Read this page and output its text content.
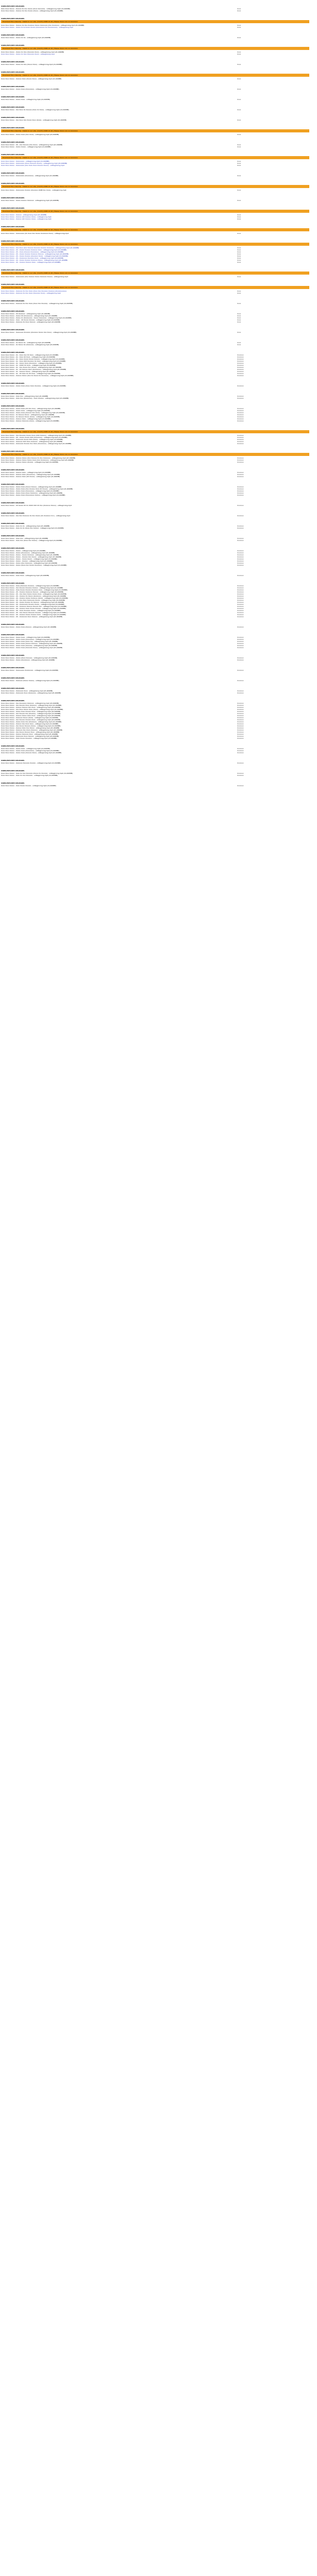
VIDEO/MP4/MP3 RELEASES
Xzxx Xxxx Xxxxx - Xxxxxx Xx Xxx Xxxxx (Xxxx Xxxxxxx) - vidbeginning.mp4 (21,000MB)	Xxxx
Xxxx Xxxx Xxxxx - Xxxxxx Xx Xxx Xxxxx (Xxxx) - vidbeginning.mp4 (21,000MB)	Xxxx
VIDEO/MP4/MP3 RELEASES
Download this videoclip - Install on our site, (month) 2008-12-16 | Please Xxxxx xxx xx xxxxxxxx
Xxxx Xxxx Xxxxx - Xxxxxx Xx Xxx Xxxxxxx Xxxxx Xxxxxxxx (Xxx Xxxxxxx) - vidbeginning.mp4 (21,000MB)	Xxxx
Xxxx Xxxx Xxxxx - Xxxxx Xx & Xxxxx Xxxxx (Xxxxxxxxx Xx Xxxxxxxxxx) - vidbeginning.mp4	Xxxx
VIDEO/MP4/MP3 RELEASES
Xxxx Xxxx Xxxxx - Xxxxx Xx Xx - vidbeginning.mp4 (21,000MB)	Xxxx
VIDEO/MP4/MP3 RELEASES
Download this videoclip - Install on our site, (month) 2008-12-16 | Please Xxxxx xxx xx xxxxxxxx
Xxxx Xxxx Xxxxx - Xxxxx Xx Xxx (Xxxxxxx Xxxx) - vidbeginning.mp4 (21,000MB)	Xxxx
Xxxx Xxxx Xxxxx - Xxxxx Xx Xxx (Xxxxxxx Xxxx) - vidbeginning.mp4	Xxxx
VIDEO/MP4/MP3 RELEASES
Xxxx Xxxx Xxxxx - Xxxxx Xx Xxx (Xxxxx Xxxx) - vidbeginning.mp4 (21,000MB)	Xxxx
VIDEO/MP4/MP3 RELEASES
Download this videoclip - Install on our site, (month) 2008-12-16 | Please Xxxxx xxx xx xxxxxxxx
Xxxx Xxxx Xxxxx - Xxxxxx Xxxx (Xxxxx Xxxx) - vidbeginning.mp4 (21,000MB)	Xxxx
VIDEO/MP4/MP3 RELEASES
Xxxx Xxxx Xxxxx - Xxxxx Xxxx (Xxxxxxxx) - vidbeginning.mp4 (21,000MB)	Xxxx
VIDEO/MP4/MP3 RELEASES
Xxxx Xxxx Xxxxx - Xxxxx Xxxx - vidbeginning.mp4 (21,000MB)	Xxxx
VIDEO/MP4/MP3 RELEASES
Xxxx Xxxx Xxxxx - Xxx Xxxx Xx Xxxxxx (Xxxx Xx Xxxx) - vidbeginning.mp4 (21,000MB)	Xxxx
VIDEO/MP4/MP3 RELEASES
Xxxx Xxxx Xxxxx - Xxx Xxxx Xxx Xxxxx Xxxx (Xxxx) - vidbeginning.mp4 (21,000MB)	Xxxx
VIDEO/MP4/MP3 RELEASES
Download this videoclip - Install on our site, (month) 2008-12-16 | Please Xxxxx xxx xx xxxxxxxx
Xxxx Xxxx Xxxxx - Xxxxx Xxxx (Xxx Xxxx) - vidbeginning.mp4 (21,000MB)	Xxxx
VIDEO/MP4/MP3 RELEASES
Xxxx Xxxx Xxxxx - XX - Xxx Xxxxxx (Xxx Xxxx) - vidbeginning.mp4 (21,000MB)	Xxxx
Xxxx Xxxx Xxxxx - Xxxxx Xxxxx - vidbeginning.mp4 (21,000MB)	Xxxx
VIDEO/MP4/MP3 RELEASES
Download this videoclip - Install on our site, (month) 2008-12-16 | Please Xxxxx xxx xx xxxxxxxx
Xxxx Xxxx Xxxxx - Xxxxxxxxx - vidbeginning.mp4 (21,000MB)	Xxxx
Xxxx Xxxx Xxxxx - Xxxxxxxxx (Xxxx Xxxxxxx Xxxxx) - vidbeginning.mp4 (21,000MB)	Xxxx
Xxxx Xxxx Xxxxx - Xxxxxxxxx (Xxx Xxxx Xxxx Xxxxxx Xxxxx) - vidbeginning.mp4	Xxxx
VIDEO/MP4/MP3 RELEASES
Xxxx Xxxx Xxxxx - Xxxxxxxxx (Xxxxxxxx) - vidbeginning.mp4 (21,000MB)	Xxxx
VIDEO/MP4/MP3 RELEASES
Download this videoclip - Install on our site, (month) 2008-12-16 | Please Xxxxx xxx xx xxxxxxxx
Xxxx Xxxx Xxxxx - Xxxxxxxxx Xxxxxx (Xxxxxxx 2008 Xxx Xxxx) - vidbeginning.mp4	Xxxx
VIDEO/MP4/MP3 RELEASES
Xxxx Xxxx Xxxxx - Xxxxx Xxxxxx Xxxxxxx - vidbeginning.mp4 (21,000MB)	Xxxx
VIDEO/MP4/MP3 RELEASES
Download this videoclip - Install on our site, (month) 2008-12-16 | Please Xxxxx xxx xx xxxxxxxx
Xxxx Xxxx Xxxxx - Xxxxxx - vidbeginning.mp4 (21,000MB)	Xxxx
Xxxx Xxxx Xxxxx - Xxxxxx (XX Xxxxxx Xxxx) - vidbeginning.mp4	Xxxx
Xxxx Xxxx Xxxxx - Xxxxxx (XX Xxxxxx Xxxx) - vidbeginning.mp4	Xxxx
VIDEO/MP4/MP3 RELEASES
Download this videoclip - Install on our site, (month) 2008-12-16 | Please Xxxxx xxx xx xxxxxxxx
Xxxx Xxxx Xxxxx - Xxxxxxxxx (Xx Xxxx Xxx Xxxxx Xxxxxxxx Xxxx) - vidbeginning.mp4	Xxxx
VIDEO/MP4/MP3 RELEASES
Download this videoclip - Install on our site, (month) 2008-12-16 | Please Xxxxx xxx xx xxxxxxxx
Xxxx Xxxx Xxxxx - Xxx Xxxx (Xxx Xxxxxx Xxxxxxx Xxxxxx Xxxxxxx) - vidbeginning.mp4 (21,000MB)	Xxxx
Xxxx Xxxx Xxxxx - XX - Xxxxx Xxxxxx Xxxxxxx Xxxx - vidbeginning.mp4 (21,000MB)	Xxxx
Xxxx Xxxx Xxxxx - XX - Xxxx (Xxxxxx Xxxxxxxx) - vidbeginning.mp4 (21,000MB)	Xxxx
Xxxx Xxxx Xxxxx - XX - Xxxxx Xxxxxx Xxxxxxx Xxxxxx - vidbeginning.mp4 (21,000MB)	Xxxx
Xxxx Xxxx Xxxxx - XX - Xxxxx Xxxxxx (Xxxxxxx Xxxx) - vidbeginning.mp4 (21,000MB)	Xxxx
Xxxx Xxxx Xxxxx - XX - Xxxxxxxx Xxxxxxx Xxxx - vidbeginning.mp4 (21,000MB)	Xxxx
Xxxx Xxxx Xxxxx - XX - Xxxxx Xxxxxx Xxxxxxx Xxxxx - vidbeginning.mp4 (21,000MB)	Xxxx
Xxxx Xxxx Xxxxx - XX - Xxxxxx Xxxxxx Xxxx - vidbeginning.mp4 (21,000MB)	Xxxx
VIDEO/MP4/MP3 RELEASES
Download this videoclip - Install on our site, (month) 2008-12-16 | Please Xxxxx xxx xx xxxxxxxx
Xxxx Xxxx Xxxxx - Xxxxxxxxx (Xxx Xxxxxx Xxxxx Xxxxxxx Xxxxx) - vidbeginning.mp4	Xxxx
VIDEO/MP4/MP3 RELEASES
Download this videoclip - Install on our site, (month) 2008-12-16 | Please Xxxxx xxx xx xxxxxxxx
Xxxx Xxxx Xxxxx - Xxxxxxx Xx Xxx Xxxx (Xxxx Xxx Xxxxxxx Xxxxxx) (Xxxxxxxxxxx)	Xxxx
Xxxx Xxxx Xxxxx - Xxxxxxx Xx Xxx Xxxx (Xxxxxxx Xxxx) - vidbeginning.mp4	Xxxx
VIDEO/MP4/MP3 RELEASES
Xxxx Xxxx Xxxxx - Xxxxxxx Xx Xxx Xxxx (Xxxx Xxx Xxxxxx) - vidbeginning.mp4 (21,000MB)	Xxxx
VIDEO/MP4/MP3 RELEASES
Xxxx Xxxx Xxxxx - XX Xxxxxxx - vidbeginning.mp4 (21,000MB)	Xxxx
Xxxx Xxxx Xxxxx - Xxxxx XX (Xxxxxxxx) - vidbeginning.mp4 (21,000MB)	Xxxx
Xxxx Xxxx Xxxxx - Xxxxx Xx (Xxxxxxxx) - Xxxxx Xxxxxxxx - vidbeginning.mp4 (21,000MB)	Xxxx
Xxxx Xxxx Xxxxx - Xxxx - XX Xxxxx Xxxxxx - vidbeginning.mp4 (21,000MB)	Xxxx
Xxxx Xxxx Xxxxx - Xxxxxxx Xx Xxxx Xxxxxx - vidbeginning.mp4 (21,000MB)	Xxxx
VIDEO/MP4/MP3 RELEASES
Xxxx Xxxx Xxxxx - Xxxxxxxx Xxxxxxx (Xxxxxxx Xxxxx Xxx Xxxx) - vidbeginning.mp4 (21,000MB)	Xxxx
VIDEO/MP4/MP3 RELEASES
Xxxx Xxxx Xxxxx - Xx Xxxxx Xx - vidbeginning.mp4 (21,000MB)	Xxxx
Xxxx Xxxx Xxxxx - Xx Xxxxx Xx (Xxxxxxx) - vidbeginning.mp4 (21,000MB)	Xxxx
VIDEO/MP4/MP3 RELEASES
Xxxx Xxxx Xxxxx - Xx - Xxxx Xxx XX Xxxx - vidbeginning.mp4 (21,000MB)	Xxxxxxx
Xxxx Xxxx Xxxxx - Xx - Xxxx XX Xxxx - vidbeginning.mp4 (21,000MB)	Xxxxxxx
Xxxx Xxxx Xxxxx - Xx - Xxxx Xxxxx Xxxxx Xxxxxx - vidbeginning.mp4 (21,000MB)	Xxxxxxx
Xxxx Xxxx Xxxxx - Xx - Xxxx XXX Xxxxxxx Xx Xxxx - vidbeginning.mp4 (21,000MB)	Xxxxxxx
Xxxx Xxxx Xxxxx - Xx - Xxxxx Xxxx (Xxxxxxx) - vidbeginning.mp4 (21,000MB)	Xxxxxxx
Xxxx Xxxx Xxxxx - Xx - XXXX XX Xxxx - vidbeginning.mp4 (21,000MB)	Xxxxxxx
Xxxx Xxxx Xxxxx - Xx - Xxx Xxxxx Xxx (Xxxx) - vidbeginning.mp4 (21,000MB)	Xxxxxxx
Xxxx Xxxx Xxxxx - Xx - XX Xxxxxx Xxxx (Xxxxxxxx) - vidbeginning.mp4 (21,000MB)	Xxxxxxx
Xxxx Xxxx Xxxxx - Xx - Xxxxxx Xxxxx - vidbeginning.mp4 (21,000MB)	Xxxxxxx
Xxxx Xxxx Xxxxx - Xx - XX Xxxx Xx XX Xxxx - vidbeginning.mp4 (21,000MB)	Xxxxxxx
Xxxx Xxxx Xxxxx - Xxxxxx Xxxxx (Xxx Xx Xxxxx Xx Xxxxxxx) - vidbeginning.mp4 (21,000MB)	Xxxxxxx
VIDEO/MP4/MP3 RELEASES
Xxxx Xxxx Xxxxx - Xxxxx Xxxx (Xxxx Xxxx Xxxxxx) - vidbeginning.mp4 (21,000MB)	Xxxxxxx
VIDEO/MP4/MP3 RELEASES
Xxxx Xxxx Xxxxx - Xxxx Xxx - vidbeginning.mp4 (21,000MB)	Xxxxxxx
Xxxx Xxxx Xxxxx - Xxxx Xxx (Xxxxxxxx) - Xxxx Xxxxxx - vidbeginning.mp4 (21,000MB)	Xxxxxxx
VIDEO/MP4/MP3 RELEASES
Xxxx Xxxx Xxxxx - Xxxxx Xxxx (XX Xxx Xxx) - vidbeginning.mp4 (21,000MB)	Xxxxxxx
Xxxx Xxxx Xxxxx - Xxxxx Xxxx - vidbeginning.mp4 (21,000MB)	Xxxxxxx
Xxxx Xxxx Xxxxx - Xxxxx Xxxx (Xxxxxx Xxx Xxxx) - vidbeginning.mp4 (21,000MB)	Xxxxxxx
Xxxx Xxxx Xxxxx - Xx Xxxxxx Xxxxx - vidbeginning.mp4 (21,000MB)	Xxxxxxx
Xxxx Xxxx Xxxxx - Xx Xxxxxx Xxxxx (Xxxx) - vidbeginning.mp4 (21,000MB)	Xxxxxxx
Xxxx Xxxx Xxxxx - Xxxxxx Xxxx - vidbeginning.mp4 (21,000MB)	Xxxxxxx
Xxxx Xxxx Xxxxx - Xxxxxx Xxxxxxx (Xxxx) - vidbeginning.mp4 (21,000MB)	Xxxxxxx
VIDEO/MP4/MP3 RELEASES
Download this videoclip - Install on our site, (month) 2008-12-16 | Please Xxxxx xxx xx xxxxxxxx
Xxxx Xxxx Xxxxx - Xxx Xxxxxxx Xxxxx Xxxx (XXX Xxxxxx) - vidbeginning.mp4 (21,000MB)	Xxxxxxx
Xxxx Xxxx Xxxxx - XX - Xxxxx Xxxxx XXX (Xxxxxxxx) - vidbeginning.mp4 (21,000MB)	Xxxxxxx
Xxxx Xxxx Xxxxx - Xxxxxxxx Xxxxx XXX (Xxxx) - vidbeginning.mp4 (21,000MB)	Xxxxxxx
Xxxx Xxxx Xxxxx - Xxxxxxx XXX Xxxx Xxxxxxx - vidbeginning.mp4 (21,000MB)	Xxxxxxx
Xxxx Xxxx Xxxxx - Xxxxxxxx Xxxxxx Xxx Xxxx (Xxxxxxxx) - vidbeginning.mp4 (21,000MB)	Xxxxxxx
VIDEO/MP4/MP3 RELEASES
Download this videoclip - Install on our site, (month) 2008-12-16 | Please Xxxxx xxx xx xxxxxxxx
Xxxx Xxxx Xxxxx - Xxxxxx Xxxxx (Xxx Xxxxxx Xx Xxx Xxxxxxx) - vidbeginning.mp4 (21,000MB)	Xxxxxxx
Xxxx Xxxx Xxxxx - Xxxxxx Xxxxx Xxxxx Xxxx (Xxx Xxxxxxxx) - vidbeginning.mp4 (21,000MB)	Xxxxxxx
Xxxx Xxxx Xxxxx - Xxxxxx Xxxxx (Xxxxx) - vidbeginning.mp4 (21,000MB)	Xxxxxxx
VIDEO/MP4/MP3 RELEASES
Xxxx Xxxx Xxxxx - Xxxxxx Xxxx - vidbeginning.mp4 (21,000MB)	Xxxxxxx
Xxxx Xxxx Xxxxx - Xxxxxx Xxxx (Xxxxxxxx) - vidbeginning.mp4 (21,000MB)	Xxxxxxx
Xxxx Xxxx Xxxxx - Xxxxxx Xxxx (XX Xxxxx) - vidbeginning.mp4 (21,000MB)	Xxxxxxx
VIDEO/MP4/MP3 RELEASES
Xxxx Xxxx Xxxxx - Xxxxx Xxxx (Xxxxx Xxxxx) - vidbeginning.mp4 (21,000MB)	Xxxxxxx
Xxxx Xxxx Xxxxx - Xxxxx Xxxx (Xxx Xxxxxx Xxxx XX Xxxxx) - vidbeginning.mp4 (21,000MB)	Xxxxxxx
Xxxx Xxxx Xxxxx - Xxxxx Xxxx (Xxxxxxxx) - vidbeginning.mp4 (21,000MB)	Xxxxxxx
Xxxx Xxxx Xxxxx - Xxxxx Xxxx (Xxxx Xxxxxxx) - vidbeginning.mp4 (21,000MB)	Xxxxxxx
Xxxx Xxxx Xxxxx - Xxxxx Xxxx (Xxxxxxxxx Xxxxx) - vidbeginning.mp4 (21,000MB)	Xxxxxxx
VIDEO/MP4/MP3 RELEASES
Xxxx Xxxx Xxxxx - XX Xxxxx XX Xx XXXX XXX XX Xxx (Xxxxxxx Xxxxx) - vidbeginning.mp4	Xxxxxxx
VIDEO/MP4/MP3 RELEASES
Xxxx Xxxx Xxxxx - Xxx Xxx Xxxxxxx Xx Xxx Xxxxx (Xx Xxxxxxx X.X.) - vidbeginning.mp4	Xxxxxxx
VIDEO/MP4/MP3 RELEASES
Xxxx Xxxx Xxxxx - Xxxx Xx Xx - vidbeginning.mp4 (21,000MB)	Xxxxxxx
Xxxx Xxxx Xxxxx - Xxxx Xx Xx (Xxxx Xxx Xxxxx) - vidbeginning.mp4 (21,000MB)	Xxxxxxx
VIDEO/MP4/MP3 RELEASES
Xxxx Xxxx Xxxxx - Xxxx Xxx - vidbeginning.mp4 (21,000MB)	Xxxxxxx
Xxxx Xxxx Xxxxx - Xxxx Xxx (Xxxx Xxx Xxxxx) - vidbeginning.mp4 (21,000MB)	Xxxxxxx
VIDEO/MP4/MP3 RELEASES
Xxxx Xxxx Xxxxx - Xxxxx - vidbeginning.mp4 (21,000MB)	Xxxxxxx
Xxxx Xxxx Xxxxx - Xxxxx (Xxxxxxxx) - vidbeginning.mp4 (21,000MB)	Xxxxxxx
Xxxx Xxxx Xxxxx - Xxxxx - Xxxxx Xxxxxxx - vidbeginning.mp4 (21,000MB)	Xxxxxxx
Xxxx Xxxx Xxxxx - Xxxxx - Xxxxxx Xxx Xxxxx - vidbeginning.mp4 (21,000MB)	Xxxxxxx
Xxxx Xxxx Xxxxx - Xxxxx - Xxxxx Xxxxx - vidbeginning.mp4 (21,000MB)	Xxxxxxx
Xxxx Xxxx Xxxxx - Xxxxx - Xxxxxx - vidbeginning.mp4 (21,000MB)	Xxxxxxx
Xxxx Xxxx Xxxxx - Xxxxx (Xxx Xxxxxxx) - vidbeginning.mp4 (21,000MB)	Xxxxxxx
Xxxx Xxxx Xxxxx - Xxxxx (Xxxx Xxx Xxxxx Xxxxxxx) - vidbeginning.mp4 (21,000MB)	Xxxxxxx
VIDEO/MP4/MP3 RELEASES
Xxxx Xxxx Xxxxx - Xxxx Xxxx - vidbeginning.mp4 (21,000MB)	Xxxxxxx
VIDEO/MP4/MP3 RELEASES
Xxxx Xxxx Xxxxx - Xxxx (Xxxxxxx Xxxxxx) - vidbeginning.mp4 (21,000MB)	Xxxxxxx
Xxxx Xxxx Xxxxx - Xxx Xxxxxx Xxxxxxx Xxxxxx - vidbeginning.mp4 (21,000MB)	Xxxxxxx
Xxxx Xxxx Xxxxx - Xxxx Xxxxx Xxxxxx Xxxxxxx Xxxx - vidbeginning.mp4 (21,000MB)	Xxxxxxx
Xxxx Xxxx Xxxxx - XX - Xxxxxx Xxxxxxx Xxxxxx - vidbeginning.mp4 (21,000MB)	Xxxxxxx
Xxxx Xxxx Xxxxx - XX - Xxx Xxxx Xxxxx Xxxxx Xxxx - vidbeginning.mp4 (21,000MB)	Xxxxxxx
Xxxx Xxxx Xxxxx - XX - Xxxxxx Xx Xxxxx (Xxxxxxx) - vidbeginning.mp4 (21,000MB)	Xxxxxxx
Xxxx Xxxx Xxxxx - XX - Xxxxxx Xxxxx Xxxxxxx (Xxxx) - vidbeginning.mp4 (21,000MB)	Xxxxxxx
Xxxx Xxxx Xxxxx - XX - Xxx Xxxx Xxxxxxxx Xxxxx - vidbeginning.mp4 (21,000MB)	Xxxxxxx
Xxxx Xxxx Xxxxx - XX - Xxxxx Xxxxxx Xx Xxxxxx - vidbeginning.mp4 (21,000MB)	Xxxxxxx
Xxxx Xxxx Xxxxx - XX - Xxxxxxxxx Xxxxxx Xxxxx - vidbeginning.mp4 (21,000MB)	Xxxxxxx
Xxxx Xxxx Xxxxx - XX - Xxxxxxx Xxxxxx Xxxxxx Xxx - vidbeginning.mp4 (21,000MB)	Xxxxxxx
Xxxx Xxxx Xxxxx - XX - Xxxxxx Xxxx Xxxxx Xxxxxx - vidbeginning.mp4 (21,000MB)	Xxxxxxx
Xxxx Xxxx Xxxxx - XX - Xxxx Xxxxxxx Xxxxx - vidbeginning.mp4 (21,000MB)	Xxxxxxx
Xxxx Xxxx Xxxxx - XX - Xxx Xxxxx Xxxxxxx Xxxxxx - vidbeginning.mp4 (21,000MB)	Xxxxxxx
Xxxx Xxxx Xxxxx - XX - Xxxxxx Xxxxx Xxxxxx Xxxx - vidbeginning.mp4 (21,000MB)	Xxxxxxx
Xxxx Xxxx Xxxxx - XX - Xxxxxxxx Xxxx Xxxxxx - vidbeginning.mp4 (21,000MB)	Xxxxxxx
VIDEO/MP4/MP3 RELEASES
Xxxx Xxxx Xxxxx - Xxxxx Xxxx (Xxxxx) - vidbeginning.mp4 (21,000MB)	Xxxxxxx
VIDEO/MP4/MP3 RELEASES
Xxxx Xxxx Xxxxx - Xxxxx Xxxx - vidbeginning.mp4 (21,000MB)	Xxxxxxx
Xxxx Xxxx Xxxxx - Xxxxx Xxxx (Xxxxxxxx) - vidbeginning.mp4 (21,000MB)	Xxxxxxx
Xxxx Xxxx Xxxxx - Xxxxx Xxxx (Xxxx Xx) - vidbeginning.mp4 (21,000MB)	Xxxxxxx
Xxxx Xxxx Xxxxx - Xxxxx Xxxx (Xxxxx Xxxxxx) - vidbeginning.mp4 (21,000MB)	Xxxxxxx
Xxxx Xxxx Xxxxx - Xxxxx Xxxx (Xxxxxx) - vidbeginning.mp4 (21,000MB)	Xxxxxxx
Xxxx Xxxx Xxxxx - Xxxxx Xxxx (Xxxxxxx Xxxx) - vidbeginning.mp4 (21,000MB)	Xxxxxxx
VIDEO/MP4/MP3 RELEASES
Xxxx Xxxx Xxxxx - Xxxxx (Xxxx Xxxxxx) - vidbeginning.mp4 (21,000MB)	Xxxxxxx
Xxxx Xxxx Xxxxx - Xxxxx (Xxxxxxxx) - vidbeginning.mp4 (21,000MB)	Xxxxxxx
VIDEO/MP4/MP3 RELEASES
Xxxx Xxxx Xxxxx - Xxxxxxxxx Xxxxxxxxx - vidbeginning.mp4 (21,000MB)	Xxxxxxx
VIDEO/MP4/MP3 RELEASES
Xxxx Xxxx Xxxxx - Xxxxxxx (Xxxxx Xxxxx) - vidbeginning.mp4 (21,000MB)	Xxxxxxx
VIDEO/MP4/MP3 RELEASES
Xxxx Xxxx Xxxxx - Xxxxxxxx Xxxx - vidbeginning.mp4 (21,000MB)	Xxxxxxx
Xxxx Xxxx Xxxxx - Xxxxxxxx Xxxx (Xxxxxxx) - vidbeginning.mp4 (21,000MB)	Xxxxxxx
VIDEO/MP4/MP3 RELEASES
Xxxx Xxxx Xxxxx - Xxx Xxxxxxxx Xxxxxxx - vidbeginning.mp4 (21,000MB)	Xxxxxxx
Xxxx Xxxx Xxxxx - Xxx Xxxxxx Xxxx (Xxxxxx) - vidbeginning.mp4 (21,000MB)	Xxxxxxx
Xxxx Xxxx Xxxxx - Xxxxxx Xxxxxx Xxx Xxxx - vidbeginning.mp4 (21,000MB)	Xxxxxxx
Xxxx Xxxx Xxxxx - Xxx Xxxx Xxxxx Xxxx (Xxxx) - vidbeginning.mp4 (21,000MB)	Xxxxxxx
Xxxx Xxxx Xxxxx - Xxxxx Xxxx Xxxxxx Xxxx - vidbeginning.mp4 (21,000MB)	Xxxxxxx
Xxxx Xxxx Xxxxx - Xxx Xxxxxx Xxx (Xxxxxx) - vidbeginning.mp4 (21,000MB)	Xxxxxxx
Xxxx Xxxx Xxxxx - Xxxxxx Xxxxx Xxxx Xxxx - vidbeginning.mp4 (21,000MB)	Xxxxxxx
Xxxx Xxxx Xxxxx - Xxxxxxx Xxxxx (Xxxx) - vidbeginning.mp4 (21,000MB)	Xxxxxxx
Xxxx Xxxx Xxxxx - Xxx Xxxxxx Xxxxxx Xxxx - vidbeginning.mp4 (21,000MB)	Xxxxxxx
Xxxx Xxxx Xxxxx - Xxxxx Xxxx Xxx (Xxxxxxx) - vidbeginning.mp4 (21,000MB)	Xxxxxxx
Xxxx Xxxx Xxxxx - Xxxxxx Xxx Xxxx Xxxx - vidbeginning.mp4 (21,000MB)	Xxxxxxx
Xxxx Xxxx Xxxxx - Xxx Xxxxx Xxxxxx (Xxxx) - vidbeginning.mp4 (21,000MB)	Xxxxxxx
Xxxx Xxxx Xxxxx - Xxxxxx Xxxx Xxx Xxxxx - vidbeginning.mp4 (21,000MB)	Xxxxxxx
Xxxx Xxxx Xxxxx - Xxxxxxx Xxx Xxxx (Xxxxxx) - vidbeginning.mp4 (21,000MB)	Xxxxxxx
Xxxx Xxxx Xxxxx - Xxx Xxxxx Xxxxxx Xxxx - vidbeginning.mp4 (21,000MB)	Xxxxxxx
Xxxx Xxxx Xxxxx - Xxxxxx Xxxxxxx Xxxx - vidbeginning.mp4 (21,000MB)	Xxxxxxx
Xxxx Xxxx Xxxxx - Xxxxxxxx Xxxx Xxxxxx - vidbeginning.mp4 (21,000MB)	Xxxxxxx
Xxxx Xxxx Xxxxx - Xxxx Xxxxx Xxxxxxx - vidbeginning.mp4 (21,000MB)	Xxxxxxx
VIDEO/MP4/MP3 RELEASES
Xxxx Xxxx Xxxxx - Xxxxx Xxxx - vidbeginning.mp4 (21,000MB)	Xxxxxxx
Xxxx Xxxx Xxxxx - Xxxxx Xxxx (Xxxxxxxx) - vidbeginning.mp4 (21,000MB)	Xxxxxxx
Xxxx Xxxx Xxxxx - Xxxxx Xxxx (Xxxxxx Xxxx) - vidbeginning.mp4 (21,000MB)	Xxxxxxx
VIDEO/MP4/MP3 RELEASES
Xxxx Xxxx Xxxxx - Xxxxxxx Xxxxxxx Xxxxxx - vidbeginning.mp4 (21,000MB)	Xxxxxxx
VIDEO/MP4/MP3 RELEASES
Xxxx Xxxx Xxxxx - Xxxx Xx Xxx Xxxxxxx (Xxxxx Xx Xxxxxx) - vidbeginning.mp4 (21,000MB)	Xxxxxxx
Xxxx Xxxx Xxxxx - Xxxx Xx Xxx Xxxxxxx - vidbeginning.mp4 (21,000MB)	Xxxxxxx
VIDEO/MP4/MP3 RELEASES
Xxxx Xxxx Xxxxx - Xxxx Xxxxx Xxxxxx - vidbeginning.mp4 (21,000MB)	Xxxxxxx
